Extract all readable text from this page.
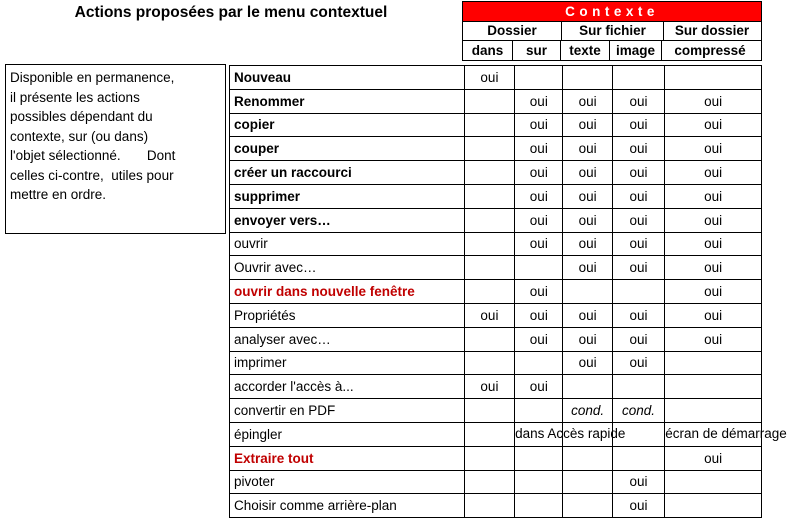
Actions proposées par le menu contextuel	Contexte
Dossier	Sur fichier	Sur dossier
dans	sur	texte	image	compressé

Disponible en permanence,
il présente les actions
possibles dépendant du
contexte, sur (ou dans)
l'objet sélectionné.       Dont
celles ci-contre,  utiles pour
mettre en ordre.

Nouveau	oui				
Renommer		oui	oui	oui	oui
copier		oui	oui	oui	oui
couper		oui	oui	oui	oui
créer un raccourci		oui	oui	oui	oui
supprimer		oui	oui	oui	oui
envoyer vers…		oui	oui	oui	oui
ouvrir		oui	oui	oui	oui
Ouvrir avec…			oui	oui	oui
ouvrir dans nouvelle fenêtre		oui			oui
Propriétés	oui	oui	oui	oui	oui
analyser avec…		oui	oui	oui	oui
imprimer			oui	oui	
accorder l'accès à...	oui	oui			
convertir en PDF			cond.	cond.	
épingler		dans Accès rapide			écran de démarrage
Extraire tout					oui
pivoter				oui	
Choisir comme arrière-plan				oui	
